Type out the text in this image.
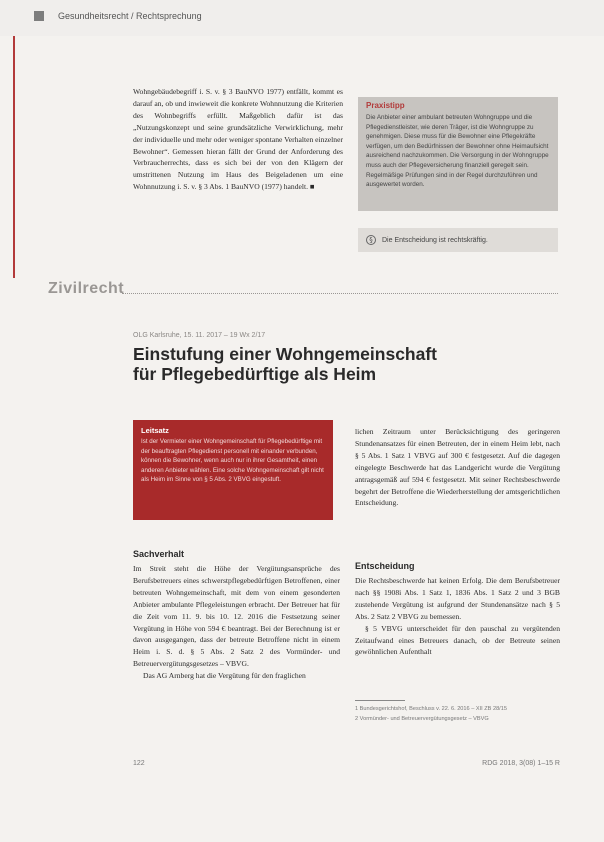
Gesundheitsrecht / Rechtsprechung

Wohngebäudebegriff i. S. v. § 3 BauNVO 1977) entfällt, kommt es darauf an, ob und inwieweit die konkrete Wohnnutzung die Kriterien des Wohnbegriffs erfüllt. Maßgeblich dafür ist das „Nutzungskonzept und seine grundsätzliche Verwirklichung, mehr der individuelle und mehr oder weniger spontane Verhalten einzelner Bewohner“. Gemessen hieran fällt der Grund der Anforderung des Verbraucherrechts, dass es sich bei der von den Klägern der umstrittenen Nutzung im Haus des Beigeladenen um eine Wohnnutzung i. S. v. § 3 Abs. 1 BauNVO (1977) handelt. ■

Praxistipp
Die Anbieter einer ambulant betreuten Wohngruppe und die Pflegedienstleister, wie deren Träger, ist die Wohngruppe zu genehmigen. Diese muss für die Bewohner eine Pflegekräfte verfügen, um den Bedürfnissen der Bewohner ohne Heimaufsicht ausreichend nachzukommen. Die Versorgung in der Wohngruppe muss auch der Pflegeversicherung finanziell geregelt sein. Regelmäßige Prüfungen sind in der Regel durchzuführen und ausgewertet worden.
§	Die Entscheidung ist rechtskräftig.
Zivilrecht
OLG Karlsruhe, 15. 11. 2017 – 19 Wx 2/17
Einstufung einer Wohngemeinschaft
für Pflegebedürftige als Heim
Leitsatz
Ist der Vermieter einer Wohngemeinschaft für Pflegebedürftige mit der beauftragten Pflegedienst personell mit einander verbunden, können die Bewohner, wenn auch nur in ihrer Gesamtheit, einen anderen Anbieter wählen. Eine solche Wohngemeinschaft gilt nicht als Heim im Sinne von § 5 Abs. 2 VBVG eingestuft.

lichen Zeitraum unter Berücksichtigung des geringeren Stundenansatzes für einen Betreuten, der in einem Heim lebt, nach § 5 Abs. 1 Satz 1 VBVG auf 300 € festgesetzt. Auf die dagegen eingelegte Beschwerde hat das Landgericht wurde die Vergütung antragsgemäß auf 594 € festgesetzt. Mit seiner Rechtsbeschwerde begehrt der Betroffene die Wiederherstellung der amtsgerichtlichen Entscheidung.

Sachverhalt

Im Streit steht die Höhe der Vergütungsansprüche des Berufsbetreuers eines schwerstpflegebedürftigen Betroffenen, einer betreuten Wohngemeinschaft, mit dem von einem gesonderten Anbieter ambulante Pflegeleistungen erbracht. Der Betreuer hat für die Zeit vom 11. 9. bis 10. 12. 2016 die Festsetzung seiner Vergütung in Höhe von 594 € beantragt. Bei der Berechnung ist er davon ausgegangen, dass der betreute Betroffene nicht in einem Heim i. S. d. § 5 Abs. 2 Satz 2 des Vormünder- und Betreuervergütungsgesetzes – VBVG.

Das AG Arnberg hat die Vergütung für den fraglichen

Entscheidung

Die Rechtsbeschwerde hat keinen Erfolg. Die dem Berufsbetreuer nach §§ 1908i Abs. 1 Satz 1, 1836 Abs. 1 Satz 2 und 3 BGB zustehende Vergütung ist aufgrund der Stundenansätze nach § 5 Abs. 2 Satz 2 VBVG zu bemessen.

§ 5 VBVG unterscheidet für den pauschal zu vergütenden Zeitaufwand eines Betreuers danach, ob der Betreute seinen gewöhnlichen Aufenthalt

1 Bundesgerichtshof, Beschluss v. 22. 6. 2016 – XII ZB 28/15
2 Vormünder- und Betreuervergütungsgesetz – VBVG
122	RDG 2018, 3(08) 1–15 R
